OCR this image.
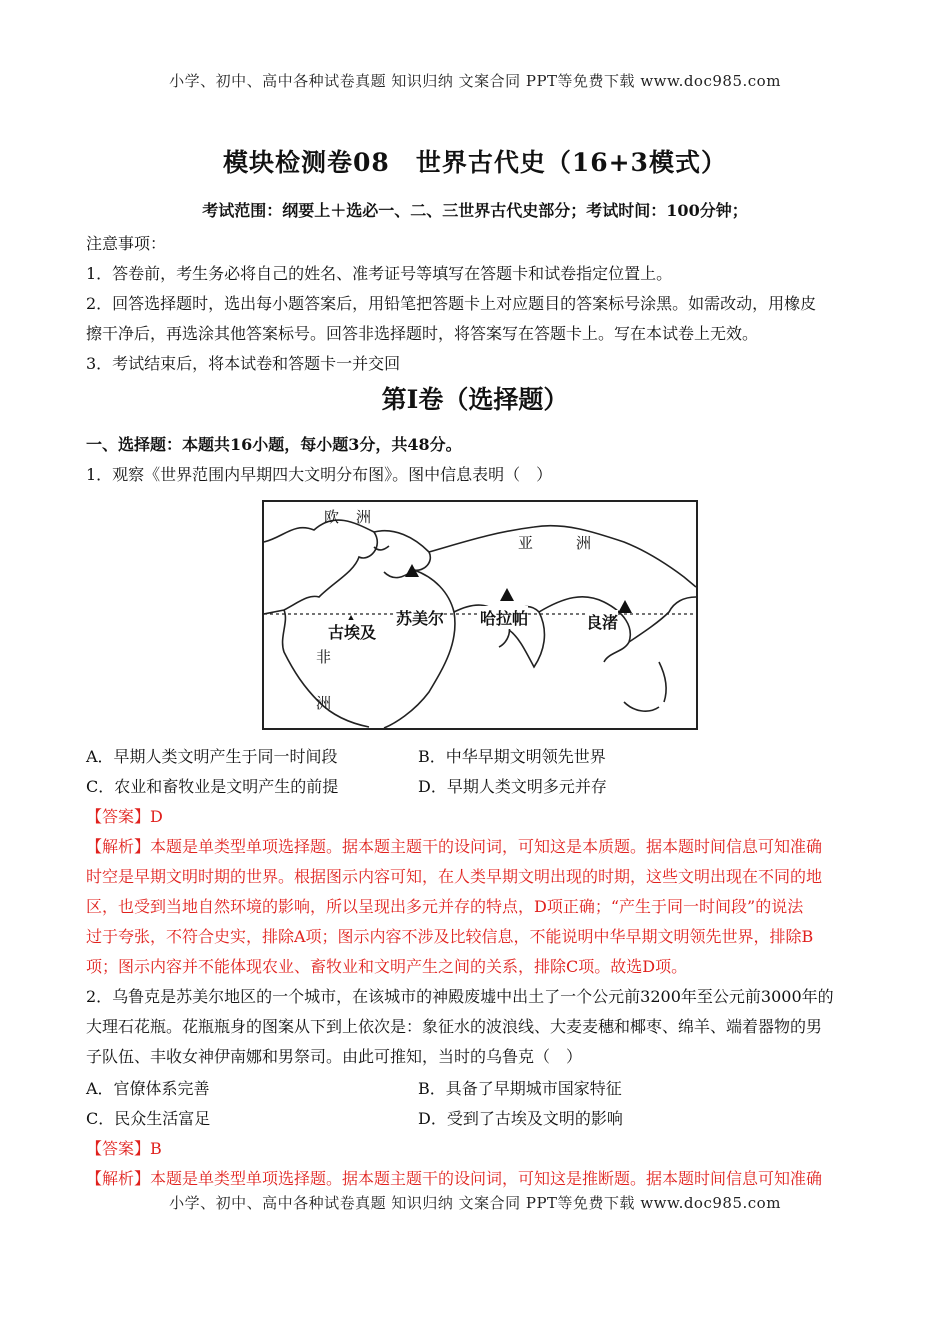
小学、初中、高中各种试卷真题 知识归纳 文案合同 PPT等免费下载 www.doc985.com
模块检测卷08　世界古代史（16+3模式）
考试范围：纲要上＋选必一、二、三世界古代史部分；考试时间：100分钟；
注意事项：
1．答卷前，考生务必将自己的姓名、准考证号等填写在答题卡和试卷指定位置上。
2．回答选择题时，选出每小题答案后，用铅笔把答题卡上对应题目的答案标号涂黑。如需改动，用橡皮
擦干净后，再选涂其他答案标号。回答非选择题时，将答案写在答题卡上。写在本试卷上无效。
3．考试结束后，将本试卷和答题卡一并交回
第I卷（选择题）
一、选择题：本题共16小题，每小题3分，共48分。
1．观察《世界范围内早期四大文明分布图》。图中信息表明（　）
欧 洲
亚	洲
非
洲
古埃及
苏美尔 哈拉帕	良渚
A．早期人类文明产生于同一时间段	B．中华早期文明领先世界
C．农业和畜牧业是文明产生的前提	D．早期人类文明多元并存
【答案】D
【解析】本题是单类型单项选择题。据本题主题干的设问词，可知这是本质题。据本题时间信息可知准确
时空是早期文明时期的世界。根据图示内容可知，在人类早期文明出现的时期，这些文明出现在不同的地
区，也受到当地自然环境的影响，所以呈现出多元并存的特点，D项正确；“产生于同一时间段”的说法
过于夸张，不符合史实，排除A项；图示内容不涉及比较信息，不能说明中华早期文明领先世界，排除B
项；图示内容并不能体现农业、畜牧业和文明产生之间的关系，排除C项。故选D项。
2．乌鲁克是苏美尔地区的一个城市，在该城市的神殿废墟中出土了一个公元前3200年至公元前3000年的
大理石花瓶。花瓶瓶身的图案从下到上依次是：象征水的波浪线、大麦麦穗和椰枣、绵羊、端着器物的男
子队伍、丰收女神伊南娜和男祭司。由此可推知，当时的乌鲁克（　）
A．官僚体系完善	B．具备了早期城市国家特征
C．民众生活富足	D．受到了古埃及文明的影响
【答案】B
【解析】本题是单类型单项选择题。据本题主题干的设问词，可知这是推断题。据本题时间信息可知准确
小学、初中、高中各种试卷真题 知识归纳 文案合同 PPT等免费下载 www.doc985.com
